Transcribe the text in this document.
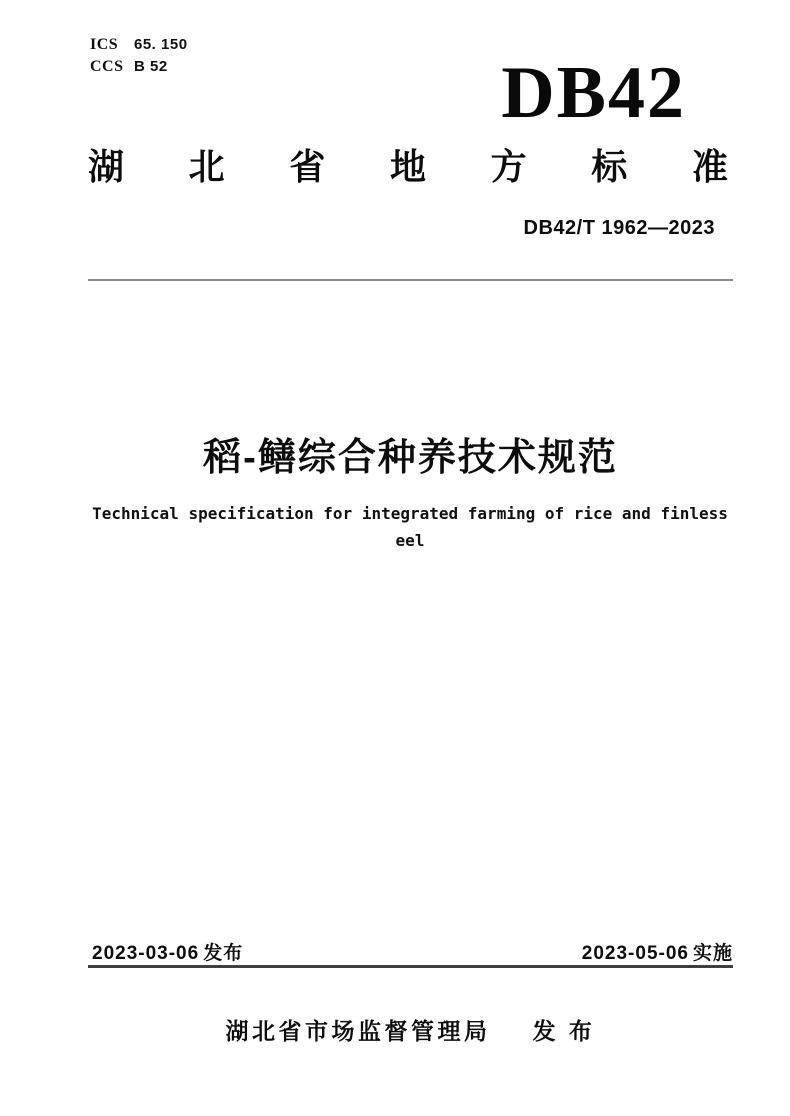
ICS	65. 150
CCS B 52	DB42
湖 北 省 地 方 标 准
DB42/T 1962—2023
稻-鳝综合种养技术规范
Technical specification for integrated farming of rice and finless
eel
2023-03-06 发布	2023-05-06 实施
湖北省市场监督管理局 发 布
